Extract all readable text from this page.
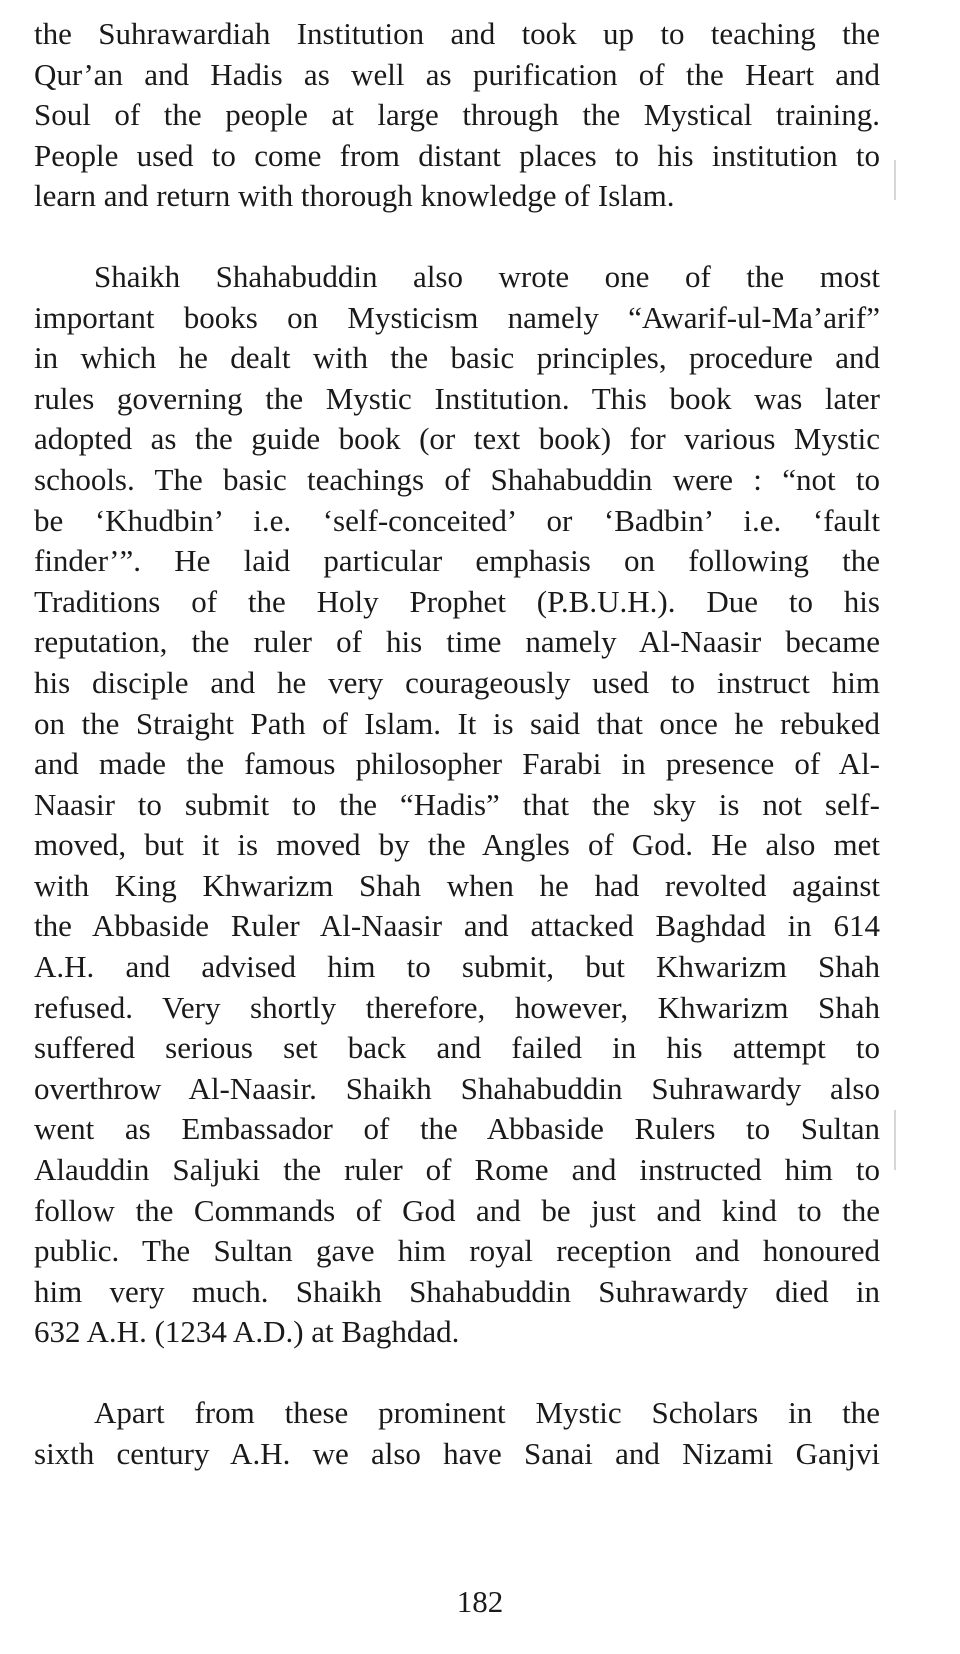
the Suhrawardiah Institution and took up to teaching the
Qur’an and Hadis as well as purification of the Heart and
Soul of the people at large through the Mystical training.
People used to come from distant places to his institution to
learn and return with thorough knowledge of Islam.

Shaikh Shahabuddin also wrote one of the most
important books on Mysticism namely “Awarif-ul-Ma’arif”
in which he dealt with the basic principles, procedure and
rules governing the Mystic Institution. This book was later
adopted as the guide book (or text book) for various Mystic
schools. The basic teachings of Shahabuddin were : “not to
be ‘Khudbin’ i.e. ‘self-conceited’ or ‘Badbin’ i.e. ‘fault
finder’”. He laid particular emphasis on following the
Traditions of the Holy Prophet (P.B.U.H.). Due to his
reputation, the ruler of his time namely Al-Naasir became
his disciple and he very courageously used to instruct him
on the Straight Path of Islam. It is said that once he rebuked
and made the famous philosopher Farabi in presence of Al-
Naasir to submit to the “Hadis” that the sky is not self-
moved, but it is moved by the Angles of God. He also met
with King Khwarizm Shah when he had revolted against
the Abbaside Ruler Al-Naasir and attacked Baghdad in 614
A.H. and advised him to submit, but Khwarizm Shah
refused. Very shortly therefore, however, Khwarizm Shah
suffered serious set back and failed in his attempt to
overthrow Al-Naasir. Shaikh Shahabuddin Suhrawardy also
went as Embassador of the Abbaside Rulers to Sultan
Alauddin Saljuki the ruler of Rome and instructed him to
follow the Commands of God and be just and kind to the
public. The Sultan gave him royal reception and honoured
him very much. Shaikh Shahabuddin Suhrawardy died in
632 A.H. (1234 A.D.) at Baghdad.

Apart from these prominent Mystic Scholars in the
sixth century A.H. we also have Sanai and Nizami Ganjvi

182
